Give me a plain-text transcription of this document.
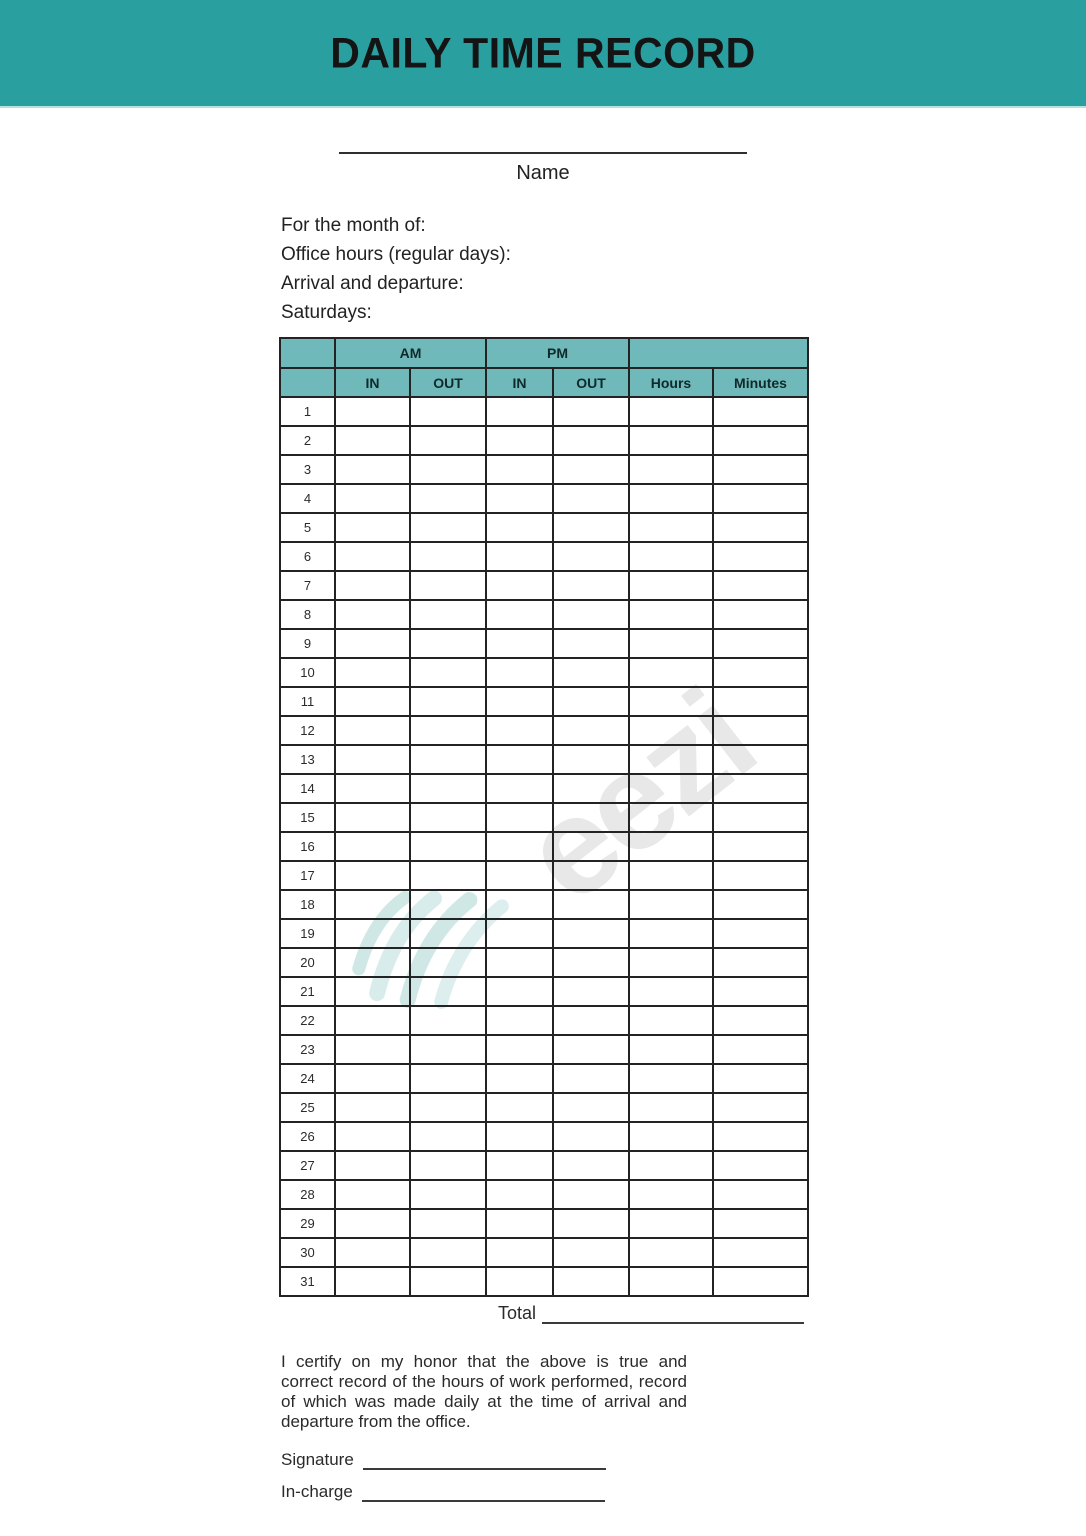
eezi
DAILY TIME RECORD
Name
For the month of:
Office hours (regular days):
Arrival and departure:
Saturdays:
	AM		PM			
	IN	OUT	IN	OUT	Hours	Minutes
1						
2						
3						
4						
5						
6						
7						
8						
9						
10						
11						
12						
13						
14						
15						
16						
17						
18						
19						
20						
21						
22						
23						
24						
25						
26						
27						
28						
29						
30						
31						
Total

I certify on my honor that the above is true and correct record of the hours of work performed, record of which was made daily at the time of arrival and departure from the office.

Signature
In-charge
